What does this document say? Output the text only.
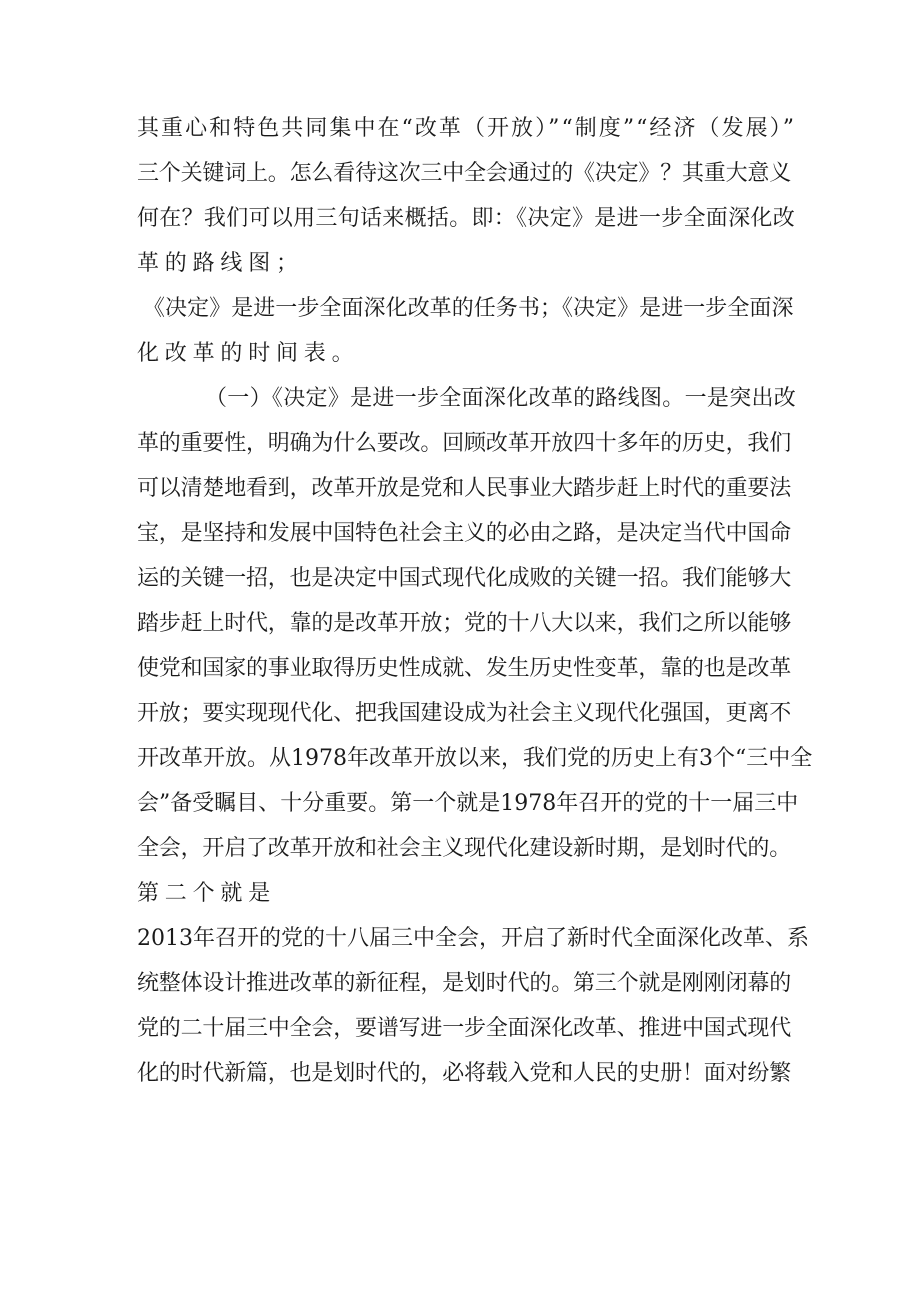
其重心和特色共同集中在“改革（开放）”“制度”“经济（发展）”
三个关键词上。怎么看待这次三中全会通过的《决定》？其重大意义
何在？我们可以用三句话来概括。即：《决定》是进一步全面深化改
革的路线图；
《决定》是进一步全面深化改革的任务书；《决定》是进一步全面深
化改革的时间表。
（一）《决定》是进一步全面深化改革的路线图。一是突出改
革的重要性，明确为什么要改。回顾改革开放四十多年的历史，我们
可以清楚地看到，改革开放是党和人民事业大踏步赶上时代的重要法
宝，是坚持和发展中国特色社会主义的必由之路，是决定当代中国命
运的关键一招，也是决定中国式现代化成败的关键一招。我们能够大
踏步赶上时代，靠的是改革开放；党的十八大以来，我们之所以能够
使党和国家的事业取得历史性成就、发生历史性变革，靠的也是改革
开放；要实现现代化、把我国建设成为社会主义现代化强国，更离不
开改革开放。从1978年改革开放以来，我们党的历史上有3个“三中全
会”备受瞩目、十分重要。第一个就是1978年召开的党的十一届三中
全会，开启了改革开放和社会主义现代化建设新时期，是划时代的。
第二个就是
2013年召开的党的十八届三中全会，开启了新时代全面深化改革、系
统整体设计推进改革的新征程，是划时代的。第三个就是刚刚闭幕的
党的二十届三中全会，要谱写进一步全面深化改革、推进中国式现代
化的时代新篇，也是划时代的，必将载入党和人民的史册！面对纷繁
